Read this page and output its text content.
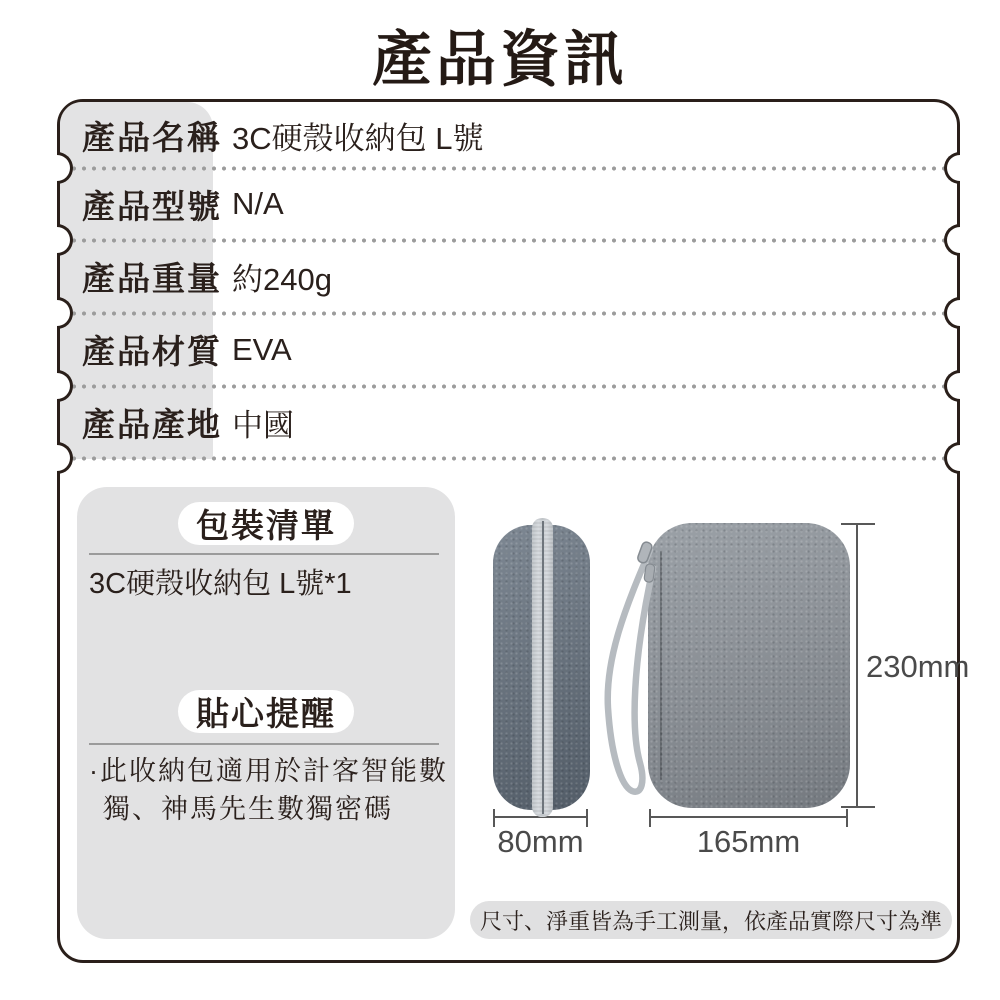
產品資訊
產品名稱 3C硬殼收納包 L號
產品型號 N/A
產品重量 約240g
產品材質 EVA
產品產地 中國
包裝清單
3C硬殼收納包 L號*1
貼心提醒
·此收納包適用於計客智能數
獨、神馬先生數獨密碼
80mm	165mm
230mm
尺寸、淨重皆為手工測量，依產品實際尺寸為準
